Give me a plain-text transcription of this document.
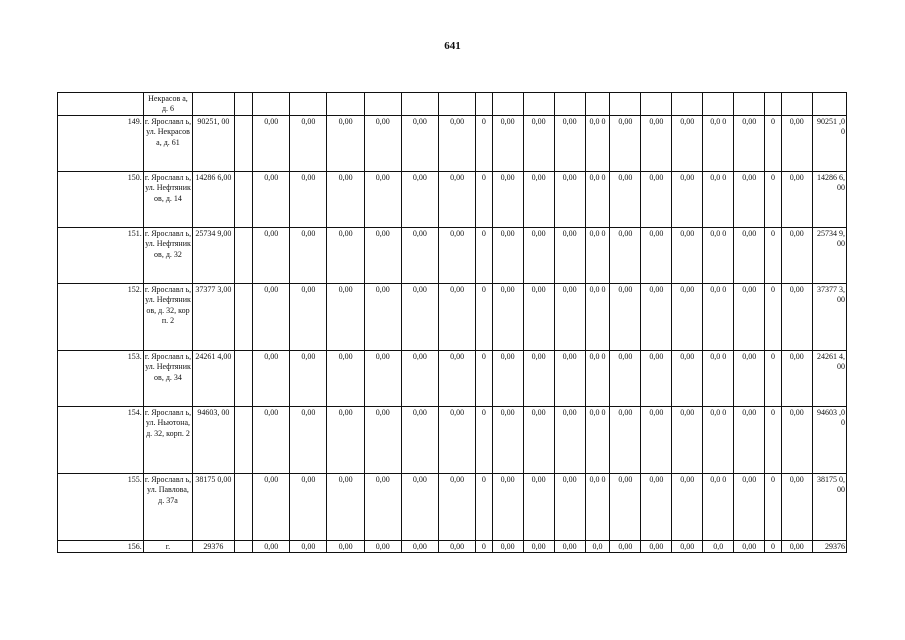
641
	Некрасов а, д. 6																					
149.	г. Ярославл ь, ул. Некрасов а, д. 61	90251, 00		0,00	0,00	0,00	0,00	0,00	0,00	0	0,00	0,00	0,00	0,0 0	0,00	0,00	0,00	0,0 0	0,00	0	0,00	90251 ,00
150.	г. Ярославл ь, ул. Нефтяник ов, д. 14	14286 6,00		0,00	0,00	0,00	0,00	0,00	0,00	0	0,00	0,00	0,00	0,0 0	0,00	0,00	0,00	0,0 0	0,00	0	0,00	14286 6,00
151.	г. Ярославл ь, ул. Нефтяник ов, д. 32	25734 9,00		0,00	0,00	0,00	0,00	0,00	0,00	0	0,00	0,00	0,00	0,0 0	0,00	0,00	0,00	0,0 0	0,00	0	0,00	25734 9,00
152.	г. Ярославл ь, ул. Нефтяник ов, д. 32, корп. 2	37377 3,00		0,00	0,00	0,00	0,00	0,00	0,00	0	0,00	0,00	0,00	0,0 0	0,00	0,00	0,00	0,0 0	0,00	0	0,00	37377 3,00
153.	г. Ярославл ь, ул. Нефтяник ов, д. 34	24261 4,00		0,00	0,00	0,00	0,00	0,00	0,00	0	0,00	0,00	0,00	0,0 0	0,00	0,00	0,00	0,0 0	0,00	0	0,00	24261 4,00
154.	г. Ярославл ь, ул. Ньютона, д. 32, корп. 2	94603, 00		0,00	0,00	0,00	0,00	0,00	0,00	0	0,00	0,00	0,00	0,0 0	0,00	0,00	0,00	0,0 0	0,00	0	0,00	94603 ,00
155.	г. Ярославл ь, ул. Павлова, д. 37а	38175 0,00		0,00	0,00	0,00	0,00	0,00	0,00	0	0,00	0,00	0,00	0,0 0	0,00	0,00	0,00	0,0 0	0,00	0	0,00	38175 0,00
156.	г.	29376		0,00	0,00	0,00	0,00	0,00	0,00	0	0,00	0,00	0,00	0,0	0,00	0,00	0,00	0,0	0,00	0	0,00	29376
